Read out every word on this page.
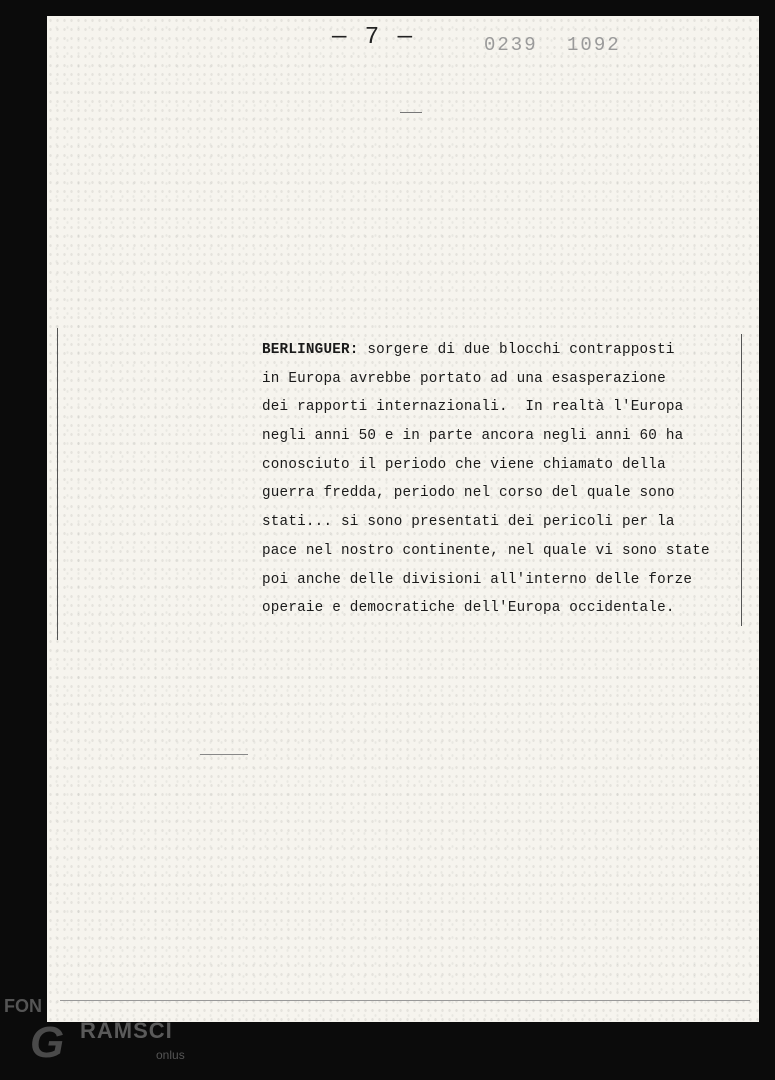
— 7 —	0239 1092
BERLINGUER: sorgere di due blocchi contrapposti
in Europa avrebbe portato ad una esasperazione
dei rapporti internazionali.  In realtà l'Europa
negli anni 50 e in parte ancora negli anni 60 ha
conosciuto il periodo che viene chiamato della
guerra fredda, periodo nel corso del quale sono
stati... si sono presentati dei pericoli per la
pace nel nostro continente, nel quale vi sono state
poi anche delle divisioni all'interno delle forze
operaie e democratiche dell'Europa occidentale.
FON
G RAMSCI
onlus
